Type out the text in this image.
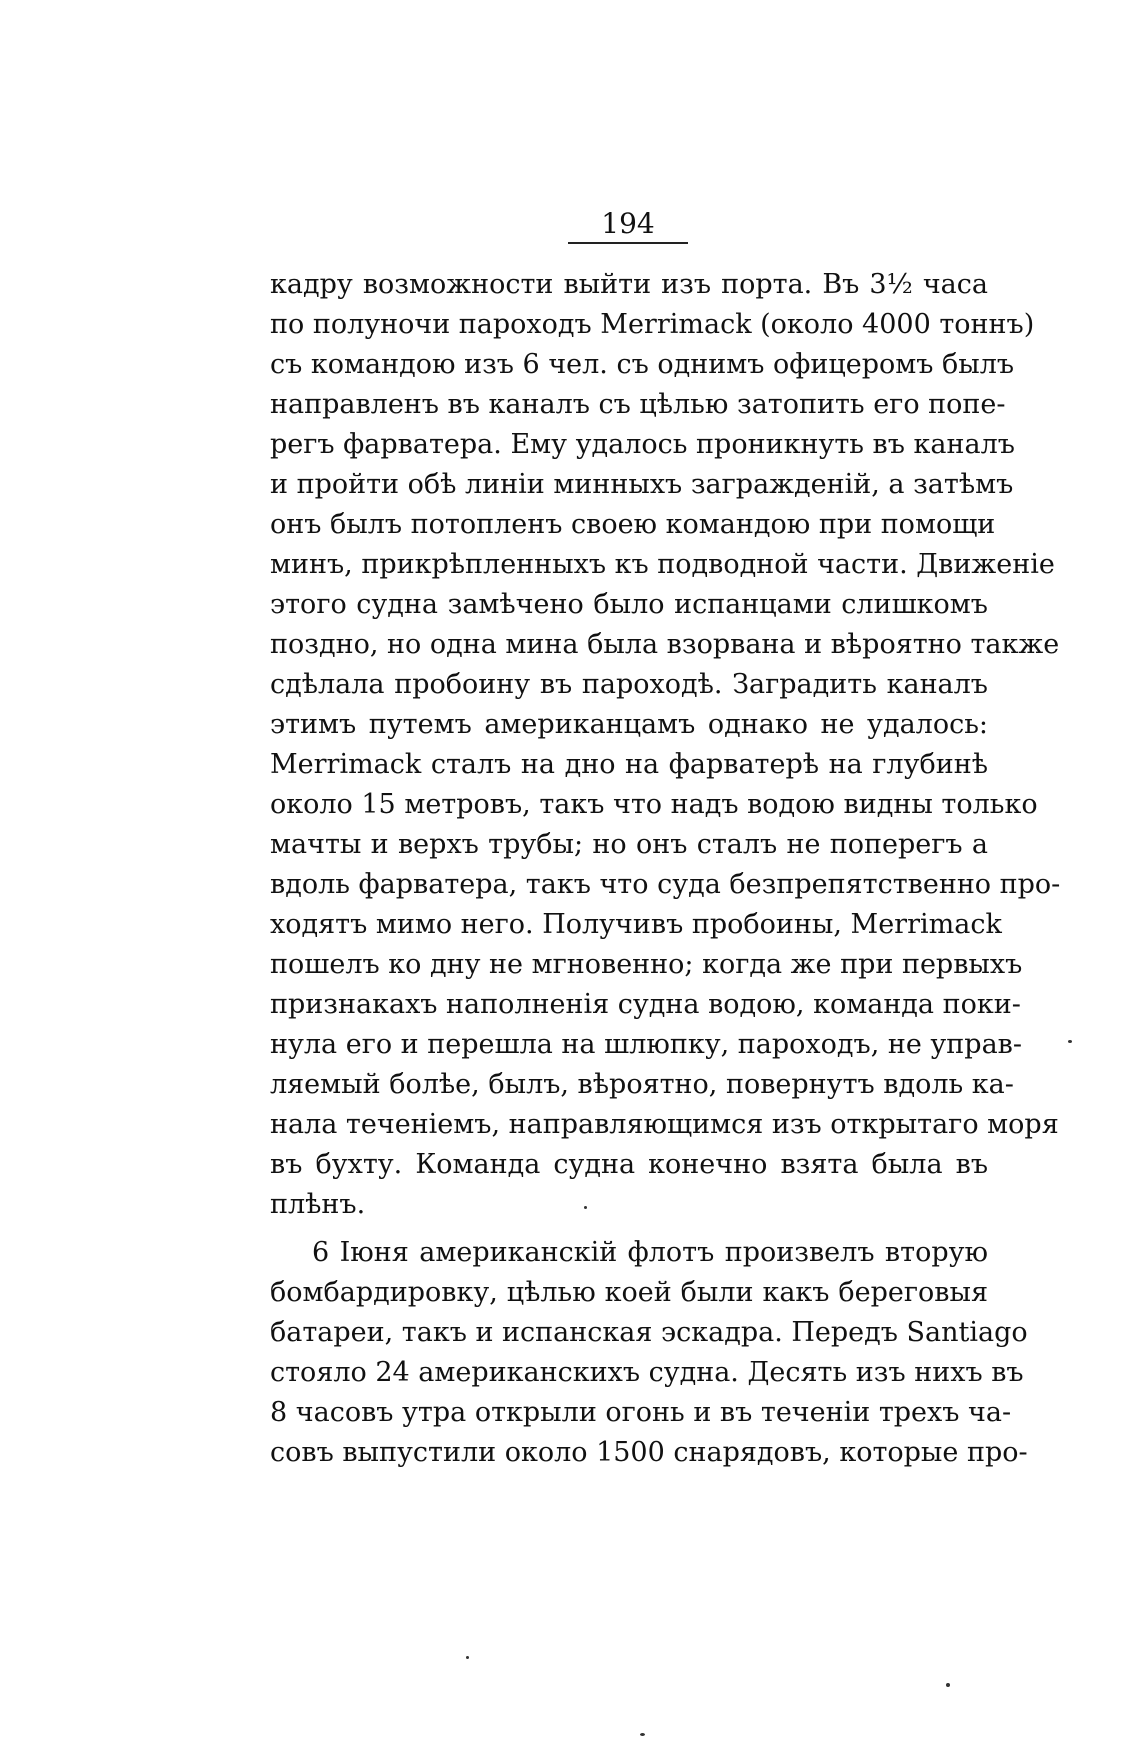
194
кадру возможности выйти изъ порта. Въ 3½ часа
по полуночи пароходъ Merrimack (около 4000 тоннъ)
съ командою изъ 6 чел. съ однимъ офицеромъ былъ
направленъ въ каналъ съ цѣлью затопить его попе-
регъ фарватера. Ему удалось проникнуть въ каналъ
и пройти обѣ линіи минныхъ загражденій, а затѣмъ
онъ былъ потопленъ своею командою при помощи
минъ, прикрѣпленныхъ къ подводной части. Движеніе
этого судна замѣчено было испанцами слишкомъ
поздно, но одна мина была взорвана и вѣроятно также
сдѣлала пробоину въ пароходѣ. Заградить каналъ
этимъ путемъ американцамъ однако не удалось:
Merrimack сталъ на дно на фарватерѣ на глубинѣ
около 15 метровъ, такъ что надъ водою видны только
мачты и верхъ трубы; но онъ сталъ не поперегъ а
вдоль фарватера, такъ что суда безпрепятственно про-
ходятъ мимо него. Получивъ пробоины, Merrimack
пошелъ ко дну не мгновенно; когда же при первыхъ
признакахъ наполненія судна водою, команда поки-
нула его и перешла на шлюпку, пароходъ, не управ-
ляемый болѣе, былъ, вѣроятно, повернутъ вдоль ка-
нала теченіемъ, направляющимся изъ открытаго моря
въ бухту. Команда судна конечно взята была въ
плѣнъ.
6 Іюня американскій флотъ произвелъ вторую
бомбардировку, цѣлью коей были какъ береговыя
батареи, такъ и испанская эскадра. Передъ Santiago
стояло 24 американскихъ судна. Десять изъ нихъ въ
8 часовъ утра открыли огонь и въ теченіи трехъ ча-
совъ выпустили около 1500 снарядовъ, которые про-
